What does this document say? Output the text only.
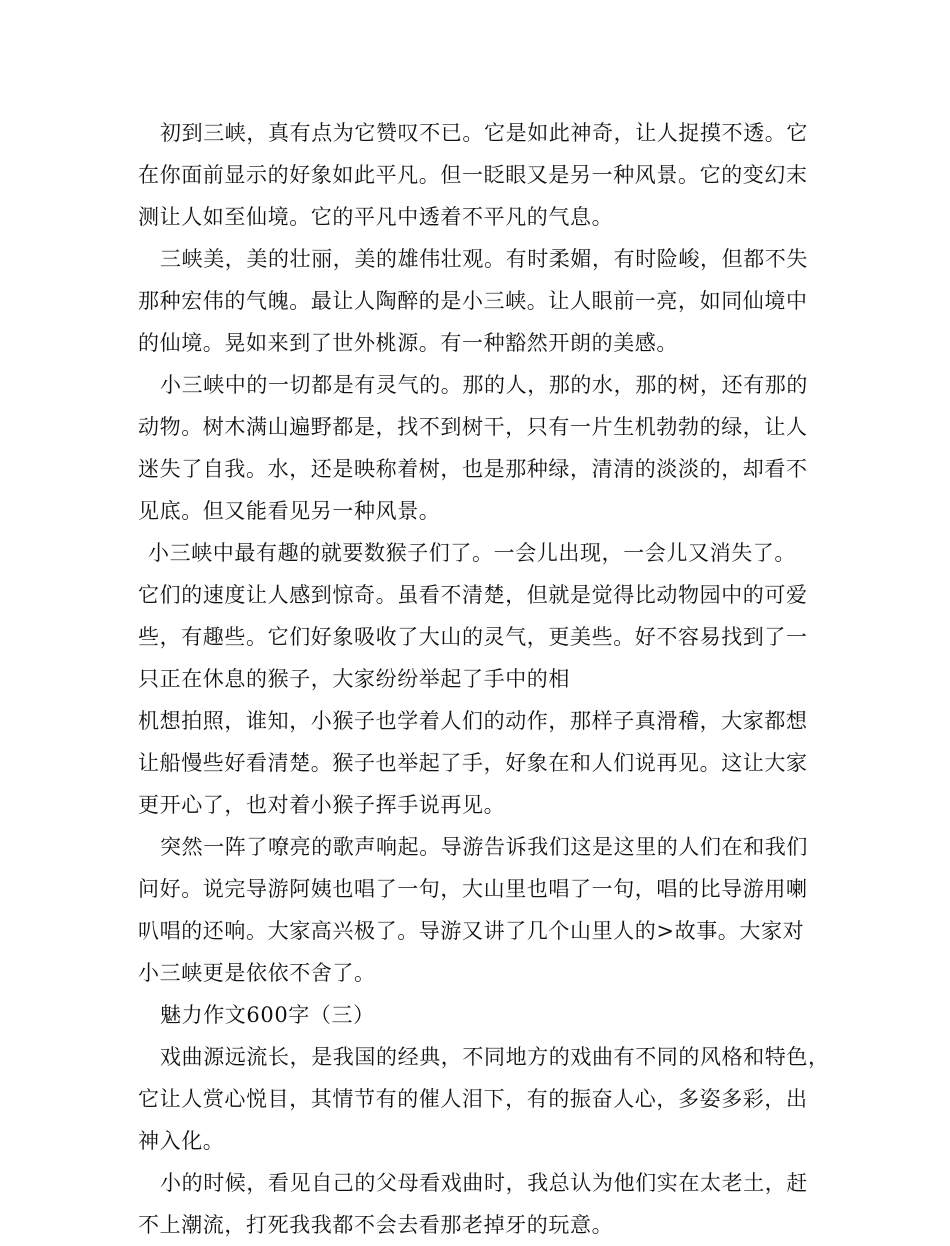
初到三峡，真有点为它赞叹不已。它是如此神奇，让人捉摸不透。它
在你面前显示的好象如此平凡。但一眨眼又是另一种风景。它的变幻末
测让人如至仙境。它的平凡中透着不平凡的气息。
三峡美，美的壮丽，美的雄伟壮观。有时柔媚，有时险峻，但都不失
那种宏伟的气魄。最让人陶醉的是小三峡。让人眼前一亮，如同仙境中
的仙境。晃如来到了世外桃源。有一种豁然开朗的美感。
小三峡中的一切都是有灵气的。那的人，那的水，那的树，还有那的
动物。树木满山遍野都是，找不到树干，只有一片生机勃勃的绿，让人
迷失了自我。水，还是映称着树，也是那种绿，清清的淡淡的，却看不
见底。但又能看见另一种风景。
小三峡中最有趣的就要数猴子们了。一会儿出现，一会儿又消失了。
它们的速度让人感到惊奇。虽看不清楚，但就是觉得比动物园中的可爱
些，有趣些。它们好象吸收了大山的灵气，更美些。好不容易找到了一
只正在休息的猴子，大家纷纷举起了手中的相
机想拍照，谁知，小猴子也学着人们的动作，那样子真滑稽，大家都想
让船慢些好看清楚。猴子也举起了手，好象在和人们说再见。这让大家
更开心了，也对着小猴子挥手说再见。
突然一阵了嘹亮的歌声响起。导游告诉我们这是这里的人们在和我们
问好。说完导游阿姨也唱了一句，大山里也唱了一句，唱的比导游用喇
叭唱的还响。大家高兴极了。导游又讲了几个山里人的>故事。大家对
小三峡更是依依不舍了。
魅力作文600字（三）
戏曲源远流长，是我国的经典，不同地方的戏曲有不同的风格和特色，
它让人赏心悦目，其情节有的催人泪下，有的振奋人心，多姿多彩，出
神入化。
小的时候，看见自己的父母看戏曲时，我总认为他们实在太老土，赶
不上潮流，打死我我都不会去看那老掉牙的玩意。
